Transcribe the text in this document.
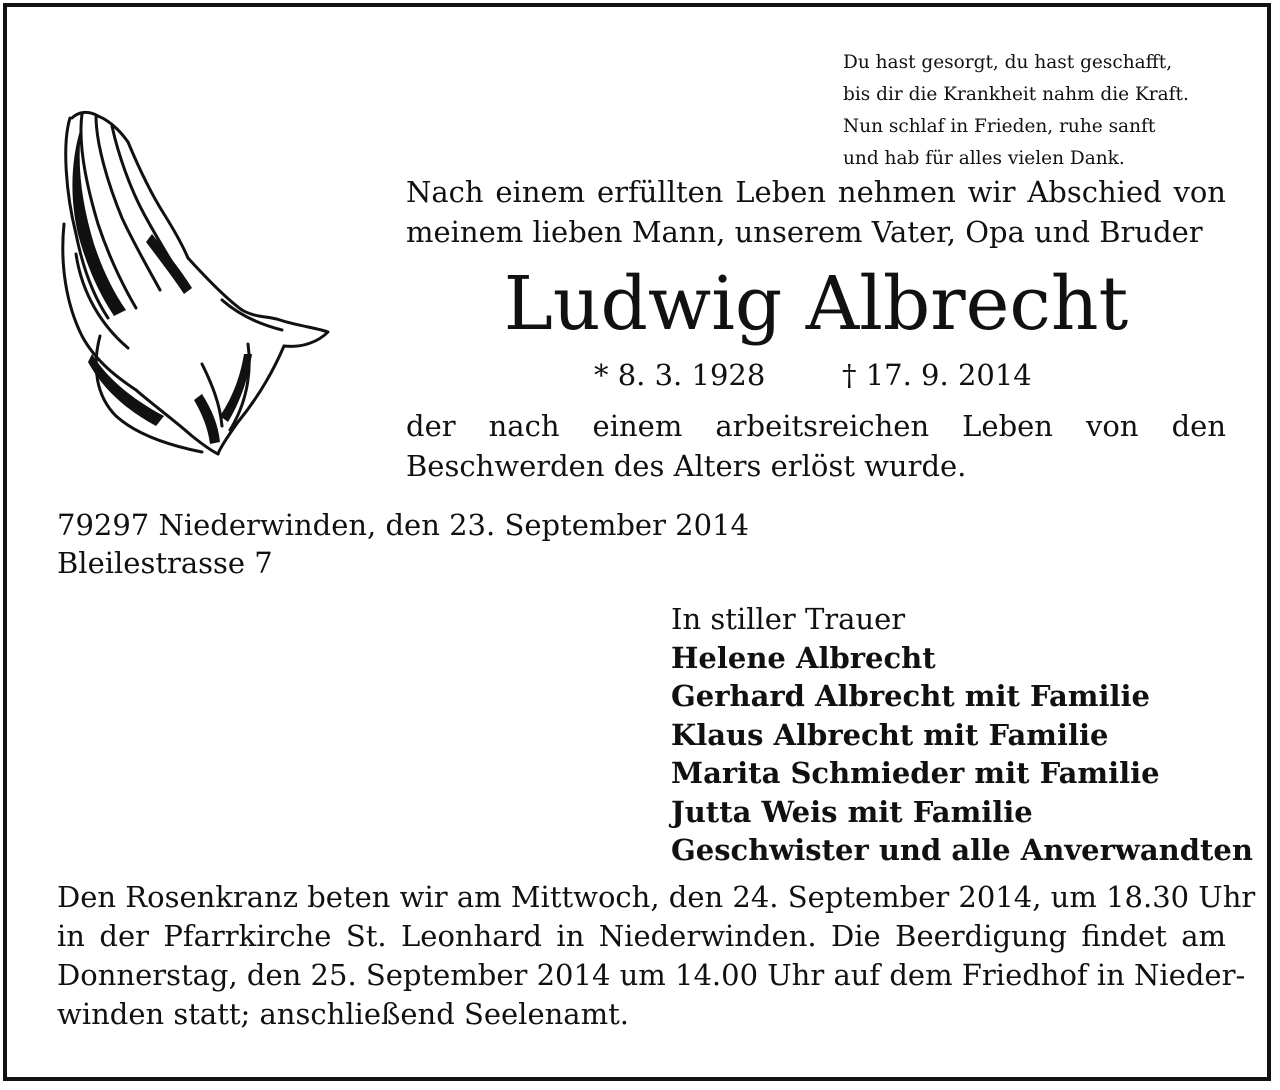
Du hast gesorgt, du hast geschafft,
bis dir die Krankheit nahm die Kraft.
Nun schlaf in Frieden, ruhe sanft
und hab für alles vielen Dank.
Nach einem erfüllten Leben nehmen wir Abschied von
meinem lieben Mann, unserem Vater, Opa und Bruder
Ludwig Albrecht
* 8. 3. 1928	† 17. 9. 2014
der nach einem arbeitsreichen Leben von den
Beschwerden des Alters erlöst wurde.
79297 Niederwinden, den 23. September 2014
Bleilestrasse 7
In stiller Trauer
Helene Albrecht
Gerhard Albrecht mit Familie
Klaus Albrecht mit Familie
Marita Schmieder mit Familie
Jutta Weis mit Familie
Geschwister und alle Anverwandten
Den Rosenkranz beten wir am Mittwoch, den 24. September 2014, um 18.30 Uhr
in der Pfarrkirche St. Leonhard in Niederwinden. Die Beerdigung findet am
Donnerstag, den 25. September 2014 um 14.00 Uhr auf dem Friedhof in Nieder-
winden statt; anschließend Seelenamt.
